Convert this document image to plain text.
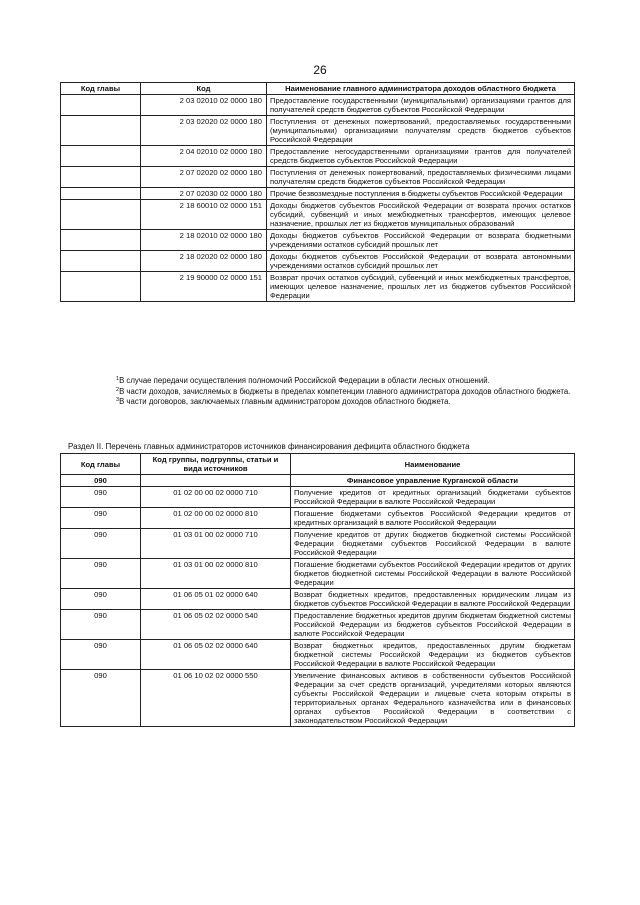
26
Код главы	Код	Наименование главного администратора доходов областного бюджета
	2 03 02010 02 0000 180	Предоставление государственными (муниципальными) организациями грантов для получателей средств бюджетов субъектов Российской Федерации
	2 03 02020 02 0000 180	Поступления от денежных пожертвований, предоставляемых государственными (муниципальными) организациями получателям средств бюджетов субъектов Российской Федерации
	2 04 02010 02 0000 180	Предоставление негосударственными организациями грантов для получателей средств бюджетов субъектов Российской Федерации
	2 07 02020 02 0000 180	Поступления от денежных пожертвований, предоставляемых физическими лицами получателям средств бюджетов субъектов Российской Федерации
	2 07 02030 02 0000 180	Прочие безвозмездные поступления в бюджеты субъектов Российской Федерации
	2 18 60010 02 0000 151	Доходы бюджетов субъектов Российской Федерации от возврата прочих остатков субсидий, субвенций и иных межбюджетных трансфертов, имеющих целевое назначение, прошлых лет из бюджетов муниципальных образований
	2 18 02010 02 0000 180	Доходы бюджетов субъектов Российской Федерации от возврата бюджетными учреждениями остатков субсидий прошлых лет
	2 18 02020 02 0000 180	Доходы бюджетов субъектов Российской Федерации от возврата автономными учреждениями остатков субсидий прошлых лет
	2 19 90000 02 0000 151	Возврат прочих остатков субсидий, субвенций и иных межбюджетных трансфертов, имеющих целевое назначение, прошлых лет из бюджетов субъектов Российской Федерации
$^1$В случае передачи осуществления полномочий Российской Федерации в области лесных отношений.
$^2$В части доходов, зачисляемых в бюджеты в пределах компетенции главного администратора доходов областного бюджета.
$^3$В части договоров, заключаемых главным администратором доходов областного бюджета.
Раздел II. Перечень главных администраторов источников финансирования дефицита областного бюджета
Код главы	Код группы, подгруппы, статьи и вида источников	Наименование
090		Финансовое управление Курганской области
090	01 02 00 00 02 0000 710	Получение кредитов от кредитных организаций бюджетами субъектов Российской Федерации в валюте Российской Федерации
090	01 02 00 00 02 0000 810	Погашение бюджетами субъектов Российской Федерации кредитов от кредитных организаций в валюте Российской Федерации
090	01 03 01 00 02 0000 710	Получение кредитов от других бюджетов бюджетной системы Российской Федерации бюджетами субъектов Российской Федерации в валюте Российской Федерации
090	01 03 01 00 02 0000 810	Погашение бюджетами субъектов Российской Федерации кредитов от других бюджетов бюджетной системы Российской Федерации в валюте Российской Федерации
090	01 06 05 01 02 0000 640	Возврат бюджетных кредитов, предоставленных юридическим лицам из бюджетов субъектов Российской Федерации в валюте Российской Федерации
090	01 06 05 02 02 0000 540	Предоставление бюджетных кредитов другим бюджетам бюджетной системы Российской Федерации из бюджетов субъектов Российской Федерации в валюте Российской Федерации
090	01 06 05 02 02 0000 640	Возврат бюджетных кредитов, предоставленных другим бюджетам бюджетной системы Российской Федерации из бюджетов субъектов Российской Федерации в валюте Российской Федерации
090	01 06 10 02 02 0000 550	Увеличение финансовых активов в собственности субъектов Российской Федерации за счет средств организаций, учредителями которых являются субъекты Российской Федерации и лицевые счета которым открыты в территориальных органах Федерального казначейства или в финансовых органах субъектов Российской Федерации в соответствии с законодательством Российской Федерации
